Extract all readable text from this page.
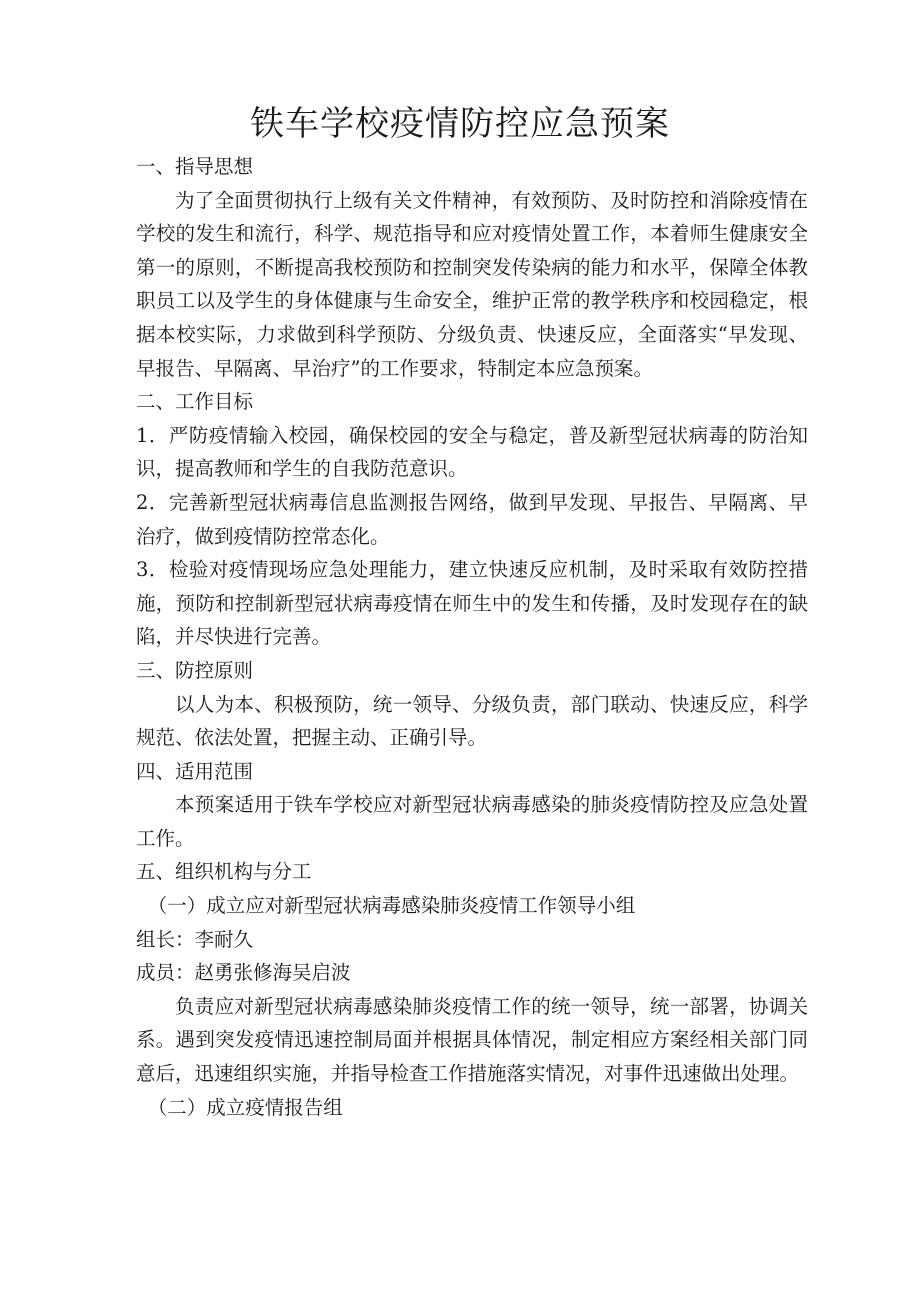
铁车学校疫情防控应急预案

一、指导思想

为了全面贯彻执行上级有关文件精神，有效预防、及时防控和消除疫情在学校的发生和流行，科学、规范指导和应对疫情处置工作，本着师生健康安全第一的原则，不断提高我校预防和控制突发传染病的能力和水平，保障全体教职员工以及学生的身体健康与生命安全，维护正常的教学秩序和校园稳定，根据本校实际，力求做到科学预防、分级负责、快速反应，全面落实“早发现、早报告、早隔离、早治疗”的工作要求，特制定本应急预案。

二、工作目标

1．严防疫情输入校园，确保校园的安全与稳定，普及新型冠状病毒的防治知识，提高教师和学生的自我防范意识。

2．完善新型冠状病毒信息监测报告网络，做到早发现、早报告、早隔离、早治疗，做到疫情防控常态化。

3．检验对疫情现场应急处理能力，建立快速反应机制，及时采取有效防控措施，预防和控制新型冠状病毒疫情在师生中的发生和传播，及时发现存在的缺陷，并尽快进行完善。

三、防控原则

以人为本、积极预防，统一领导、分级负责，部门联动、快速反应，科学规范、依法处置，把握主动、正确引导。

四、适用范围

本预案适用于铁车学校应对新型冠状病毒感染的肺炎疫情防控及应急处置工作。

五、组织机构与分工

（一）成立应对新型冠状病毒感染肺炎疫情工作领导小组

组长：李耐久

成员：赵勇张修海吴启波

负责应对新型冠状病毒感染肺炎疫情工作的统一领导，统一部署，协调关系。遇到突发疫情迅速控制局面并根据具体情况，制定相应方案经相关部门同意后，迅速组织实施，并指导检查工作措施落实情况，对事件迅速做出处理。

（二）成立疫情报告组
